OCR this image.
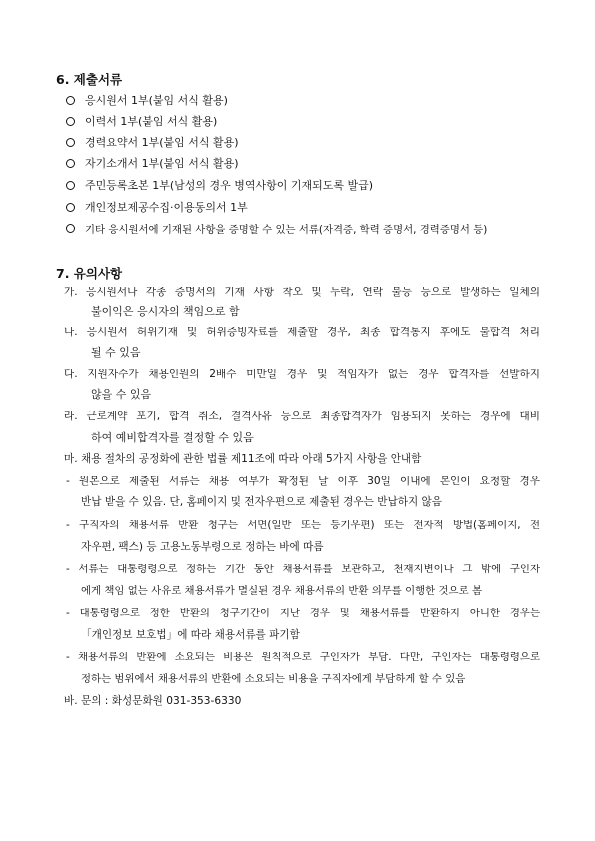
6. 제출서류
응시원서 1부(붙임 서식 활용)
이력서 1부(붙임 서식 활용)
경력요약서 1부(붙임 서식 활용)
자기소개서 1부(붙임 서식 활용)
주민등록초본 1부(남성의 경우 병역사항이 기재되도록 발급)
개인정보제공수집·이용동의서 1부
기타 응시원서에 기재된 사항을 증명할 수 있는 서류(자격증, 학력 증명서, 경력증명서 등)
7. 유의사항
가. 응시원서나 각종 증명서의 기재 사항 착오 및 누락, 연락 불능 등으로 발생하는 일체의
불이익은 응시자의 책임으로 함
나. 응시원서 허위기재 및 허위증빙자료를 제출할 경우, 최종 합격통지 후에도 불합격 처리
될 수 있음
다. 지원자수가 채용인원의 2배수 미만일 경우 및 적임자가 없는 경우 합격자를 선발하지
않을 수 있음
라. 근로계약 포기, 합격 취소, 결격사유 등으로 최종합격자가 임용되지 못하는 경우에 대비
하여 예비합격자를 결정할 수 있음
마. 채용 절차의 공정화에 관한 법률 제11조에 따라 아래 5가지 사항을 안내함
- 원본으로 제출된 서류는 채용 여부가 확정된 날 이후 30일 이내에 본인이 요청할 경우
반납 받을 수 있음. 단, 홈페이지 및 전자우편으로 제출된 경우는 반납하지 않음
- 구직자의 채용서류 반환 청구는 서면(일반 또는 등기우편) 또는 전자적 방법(홈페이지, 전
자우편, 팩스) 등 고용노동부령으로 정하는 바에 따름
- 서류는 대통령령으로 정하는 기간 동안 채용서류를 보관하고, 천재지변이나 그 밖에 구인자
에게 책임 없는 사유로 채용서류가 멸실된 경우 채용서류의 반환 의무를 이행한 것으로 봄
- 대통령령으로 정한 반환의 청구기간이 지난 경우 및 채용서류를 반환하지 아니한 경우는
「개인정보 보호법」에 따라 채용서류를 파기함
- 채용서류의 반환에 소요되는 비용은 원칙적으로 구인자가 부담. 다만, 구인자는 대통령령으로
정하는 범위에서 채용서류의 반환에 소요되는 비용을 구직자에게 부담하게 할 수 있음
바. 문의 : 화성문화원 031-353-6330
